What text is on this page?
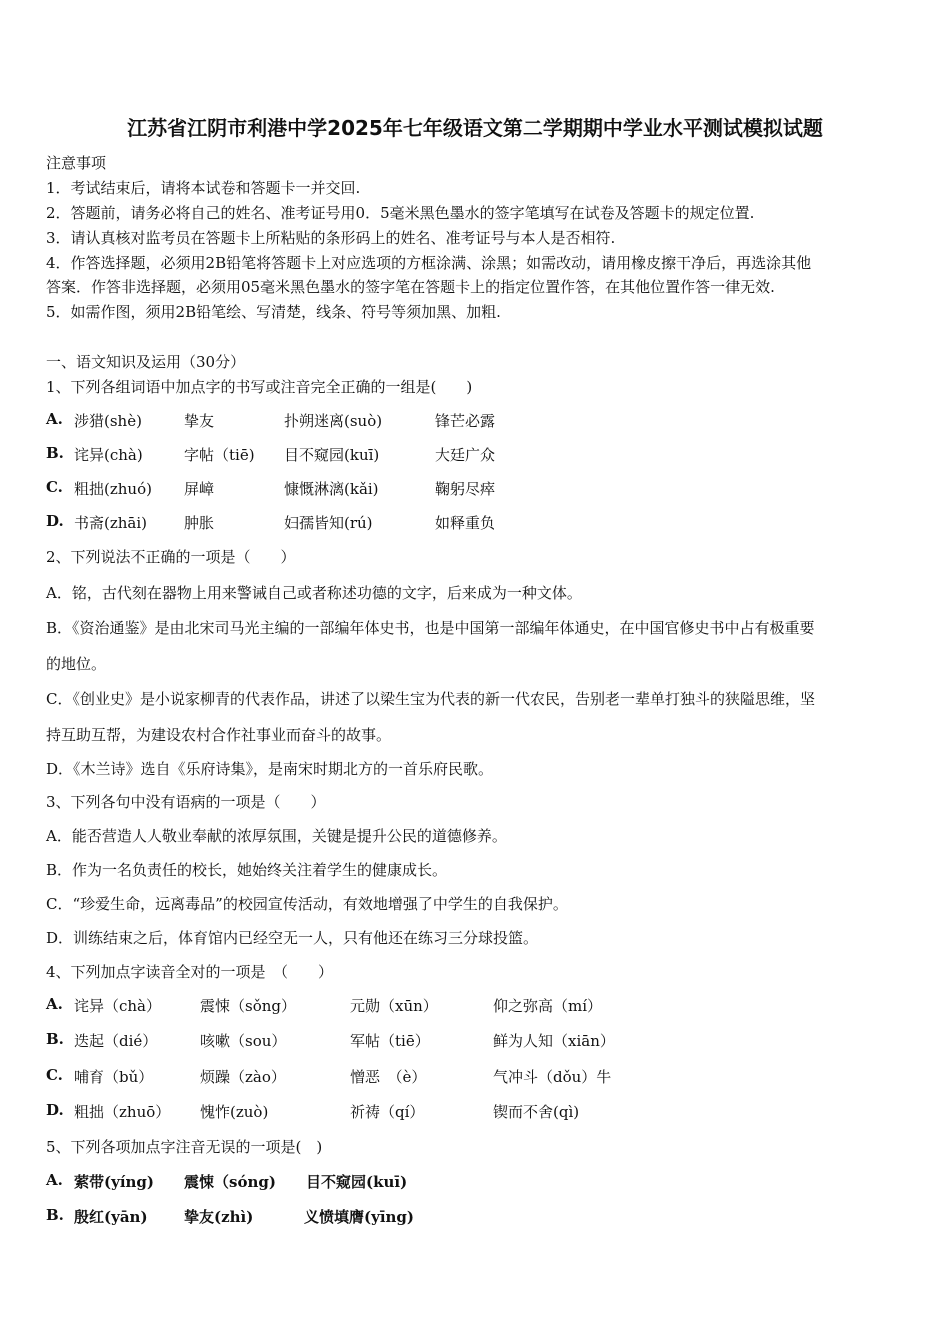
江苏省江阴市利港中学2025年七年级语文第二学期期中学业水平测试模拟试题
注意事项
1．考试结束后，请将本试卷和答题卡一并交回.
2．答题前，请务必将自己的姓名、准考证号用0．5毫米黑色墨水的签字笔填写在试卷及答题卡的规定位置.
3．请认真核对监考员在答题卡上所粘贴的条形码上的姓名、准考证号与本人是否相符.
4．作答选择题，必须用2B铅笔将答题卡上对应选项的方框涂满、涂黑；如需改动，请用橡皮擦干净后，再选涂其他
答案．作答非选择题，必须用05毫米黑色墨水的签字笔在答题卡上的指定位置作答，在其他位置作答一律无效.
5．如需作图，须用2B铅笔绘、写清楚，线条、符号等须加黑、加粗.
一、语文知识及运用（30分）
1、下列各组词语中加点字的书写或注音完全正确的一组是(　　)
A. 涉猎(shè)	挚友	扑朔迷离(suò)	锋芒必露
B. 诧异(chà)	字帖（tiē) 目不窥园(kuī)	大廷广众
C. 粗拙(zhuó) 屏嶂	慷慨淋漓(kǎi)	鞠躬尽瘁
D. 书斋(zhāi) 肿胀	妇孺皆知(rú)	如释重负
2、下列说法不正确的一项是（　　）
A．铭，古代刻在器物上用来警诫自己或者称述功德的文字，后来成为一种文体。
B．《资治通鉴》是由北宋司马光主编的一部编年体史书，也是中国第一部编年体通史，在中国官修史书中占有极重要
的地位。
C．《创业史》是小说家柳青的代表作品，讲述了以梁生宝为代表的新一代农民，告别老一辈单打独斗的狭隘思维，坚
持互助互帮，为建设农村合作社事业而奋斗的故事。
D．《木兰诗》选自《乐府诗集》，是南宋时期北方的一首乐府民歌。
3、下列各句中没有语病的一项是（　　）
A．能否营造人人敬业奉献的浓厚氛围，关键是提升公民的道德修养。
B．作为一名负责任的校长，她始终关注着学生的健康成长。
C．“珍爱生命，远离毒品”的校园宣传活动，有效地增强了中学生的自我保护。
D．训练结束之后，体育馆内已经空无一人，只有他还在练习三分球投篮。
4、下列加点字读音全对的一项是　（　　）
A. 诧异（chà）	震悚（sǒng）	元勋（xūn）	仰之弥高（mí）
B. 迭起（dié）	咳嗽（sou）	军帖（tiē）	鲜为人知（xiān）
C. 哺育（bǔ）	烦躁（zào）	憎恶　（è）	气冲斗（dǒu）牛
D. 粗拙（zhuō） 愧怍(zuò)	祈祷（qí）	锲而不舍(qì)
5、下列各项加点字注音无误的一项是(　)
A. 萦带(yíng) 震悚（sóng) 目不窥园(kuī)
B. 殷红(yān) 挚友(zhì)	义愤填膺(yīng)
